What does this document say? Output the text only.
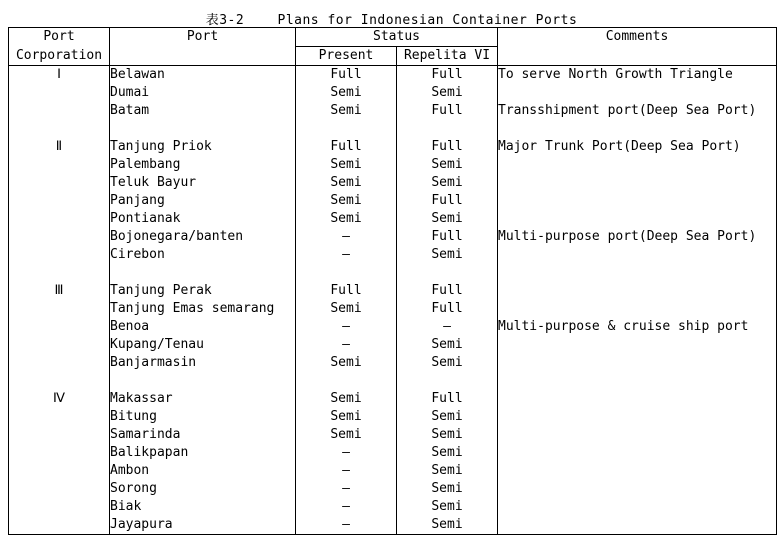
表3-2    Plans for Indonesian Container Ports
Port	Port	Status		Comments
Corporation		Present	Repelita VI	
Ⅰ	Belawan	Full	Full	To serve North Growth Triangle
	Dumai	Semi	Semi	
	Batam	Semi	Full	Transshipment port(Deep Sea Port)

Ⅱ	Tanjung Priok	Full	Full	Major Trunk Port(Deep Sea Port)
	Palembang	Semi	Semi	
	Teluk Bayur	Semi	Semi	
	Panjang	Semi	Full	
	Pontianak	Semi	Semi	
	Bojonegara/banten	—	Full	Multi-purpose port(Deep Sea Port)
	Cirebon	—	Semi	

Ⅲ	Tanjung Perak	Full	Full	
	Tanjung Emas semarang	Semi	Full	
	Benoa	—	—	Multi-purpose & cruise ship port
	Kupang/Tenau	—	Semi	
	Banjarmasin	Semi	Semi	

Ⅳ	Makassar	Semi	Full	
	Bitung	Semi	Semi	
	Samarinda	Semi	Semi	
	Balikpapan	—	Semi	
	Ambon	—	Semi	
	Sorong	—	Semi	
	Biak	—	Semi	
	Jayapura	—	Semi	
